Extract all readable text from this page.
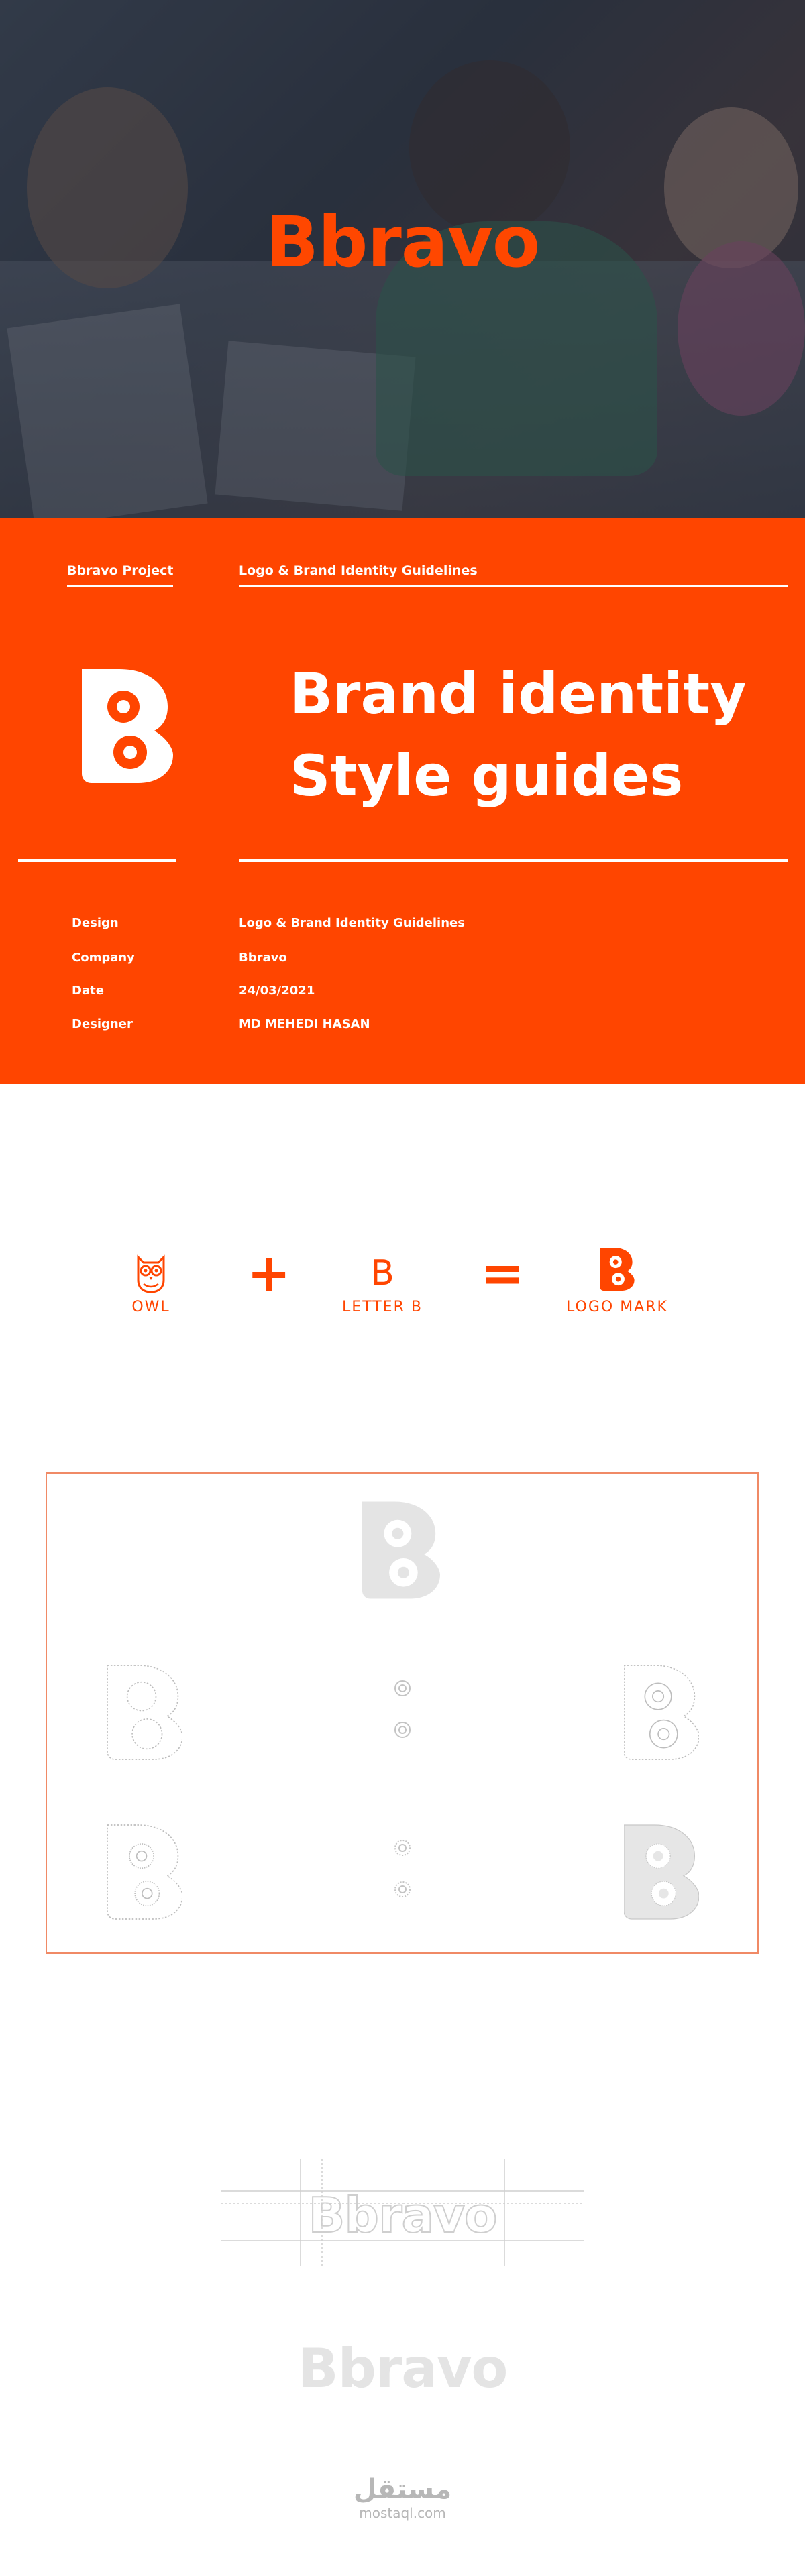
Bbravo
Bbravo Project	Logo & Brand Identity Guidelines
Brand identity
Style guides
Design	Logo & Brand Identity Guidelines
Company	Bbravo
Date	24/03/2021
Designer	MD MEHEDI HASAN
OWL
+ B
LETTER B
=
LOGO MARK
Bbravo
Bbravo
مستقل
mostaql.com
